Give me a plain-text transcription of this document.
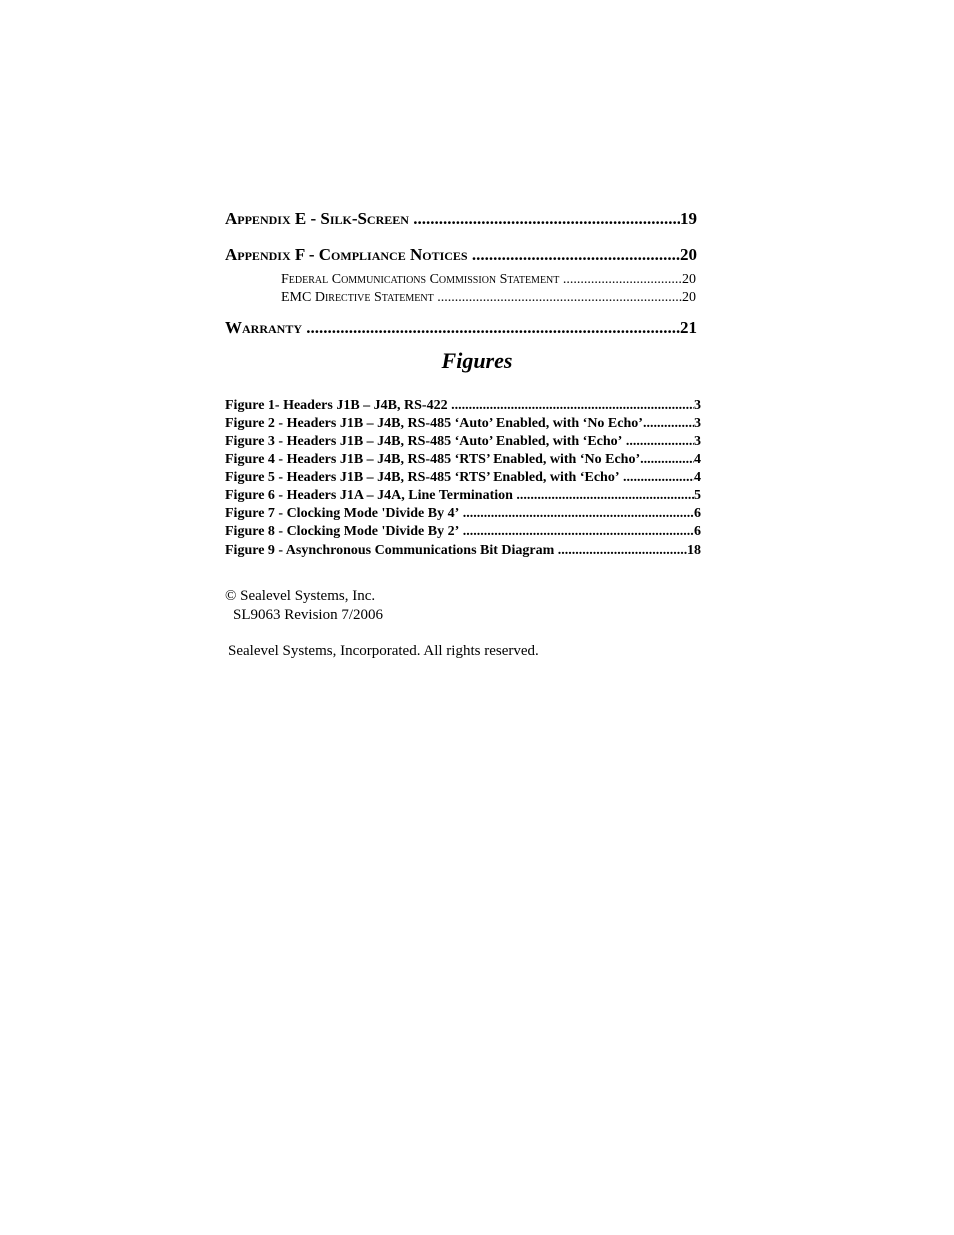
Appendix E - Silk-Screen .....	19
Appendix F - Compliance Notices .....	20
Federal Communications Commission Statement .....	20
EMC Directive Statement .....	20
Warranty .....	21
Figures
Figure 1- Headers J1B – J4B, RS-422 .....	3
Figure 2 - Headers J1B – J4B, RS-485 ‘Auto’ Enabled, with ‘No Echo’ .....	3
Figure 3 - Headers J1B – J4B, RS-485 ‘Auto’ Enabled, with ‘Echo’ .....	3
Figure 4 - Headers J1B – J4B, RS-485 ‘RTS’ Enabled, with ‘No Echo’ .....	4
Figure 5 - Headers J1B – J4B, RS-485 ‘RTS’ Enabled, with ‘Echo’ .....	4
Figure 6 - Headers J1A – J4A, Line Termination .....	5
Figure 7 - Clocking Mode 'Divide By 4’ .....	6
Figure 8 - Clocking Mode 'Divide By 2’ .....	6
Figure 9 - Asynchronous Communications Bit Diagram .....	18
© Sealevel Systems, Inc.
SL9063 Revision 7/2006
Sealevel Systems, Incorporated. All rights reserved.
